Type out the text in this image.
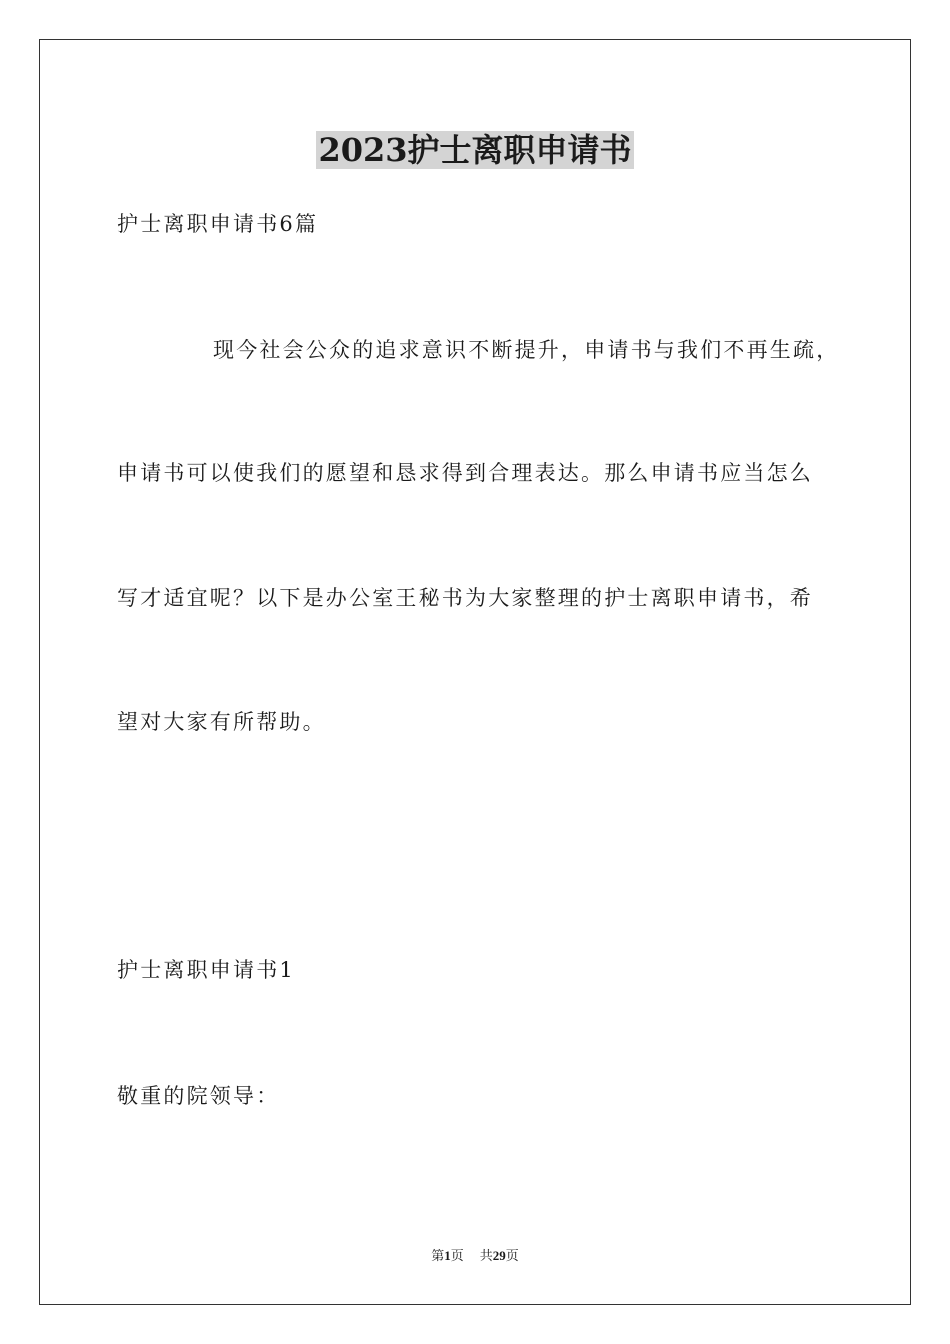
2023护士离职申请书
护士离职申请书6篇
现今社会公众的追求意识不断提升，申请书与我们不再生疏，
申请书可以使我们的愿望和恳求得到合理表达。那么申请书应当怎么
写才适宜呢？以下是办公室王秘书为大家整理的护士离职申请书，希
望对大家有所帮助。
护士离职申请书1
敬重的院领导：
第1页 共29页
